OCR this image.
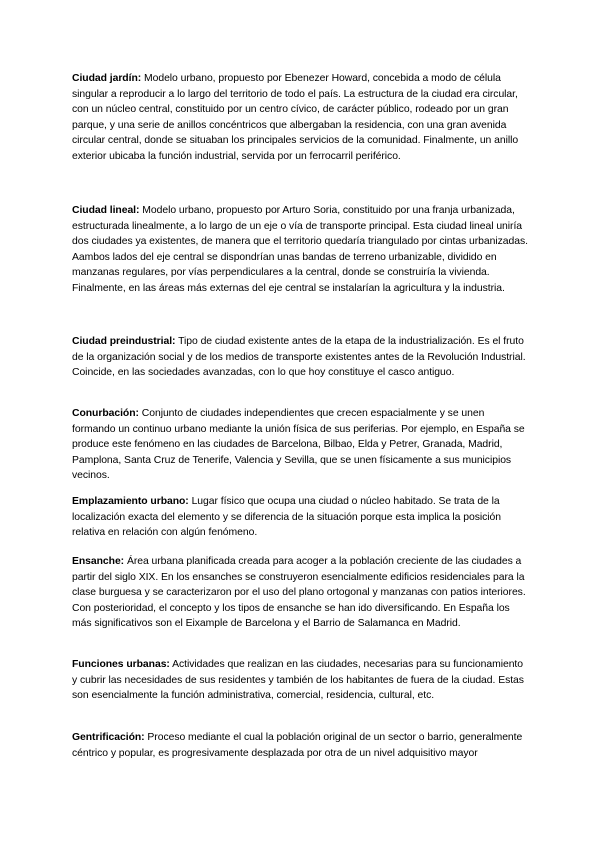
Ciudad jardín: Modelo urbano, propuesto por Ebenezer Howard, concebida a modo de célula singular a reproducir a lo largo del territorio de todo el país. La estructura de la ciudad era circular, con un núcleo central, constituido por un centro cívico, de carácter público, rodeado por un gran parque, y una serie de anillos concéntricos que albergaban la residencia, con una gran avenida circular central, donde se situaban los principales servicios de la comunidad. Finalmente, un anillo exterior ubicaba la función industrial, servida por un ferrocarril periférico.

Ciudad lineal: Modelo urbano, propuesto por Arturo Soria, constituido por una franja urbanizada, estructurada linealmente, a lo largo de un eje o vía de transporte principal. Esta ciudad lineal uniría dos ciudades ya existentes, de manera que el territorio quedaría triangulado por cintas urbanizadas. Aambos lados del eje central se dispondrían unas bandas de terreno urbanizable, dividido en manzanas regulares, por vías perpendiculares a la central, donde se construiría la vivienda. Finalmente, en las áreas más externas del eje central se instalarían la agricultura y la industria.

Ciudad preindustrial: Tipo de ciudad existente antes de la etapa de la industrialización. Es el fruto de la organización social y de los medios de transporte existentes antes de la Revolución Industrial. Coincide, en las sociedades avanzadas, con lo que hoy constituye el casco antiguo.

Conurbación: Conjunto de ciudades independientes que crecen espacialmente y se unen formando un continuo urbano mediante la unión física de sus periferias. Por ejemplo, en España se produce este fenómeno en las ciudades de Barcelona, Bilbao, Elda y Petrer, Granada, Madrid, Pamplona, Santa Cruz de Tenerife, Valencia y Sevilla, que se unen físicamente a sus municipios vecinos.

Emplazamiento urbano: Lugar físico que ocupa una ciudad o núcleo habitado. Se trata de la localización exacta del elemento y se diferencia de la situación porque esta implica la posición relativa en relación con algún fenómeno.

Ensanche: Área urbana planificada creada para acoger a la población creciente de las ciudades a partir del siglo XIX. En los ensanches se construyeron esencialmente edificios residenciales para la clase burguesa y se caracterizaron por el uso del plano ortogonal y manzanas con patios interiores. Con posterioridad, el concepto y los tipos de ensanche se han ido diversificando. En España los más significativos son el Eixample de Barcelona y el Barrio de Salamanca en Madrid.

Funciones urbanas: Actividades que realizan en las ciudades, necesarias para su funcionamiento y cubrir las necesidades de sus residentes y también de los habitantes de fuera de la ciudad. Estas son esencialmente la función administrativa, comercial, residencia, cultural, etc.

Gentrificación: Proceso mediante el cual la población original de un sector o barrio, generalmente céntrico y popular, es progresivamente desplazada por otra de un nivel adquisitivo mayor
